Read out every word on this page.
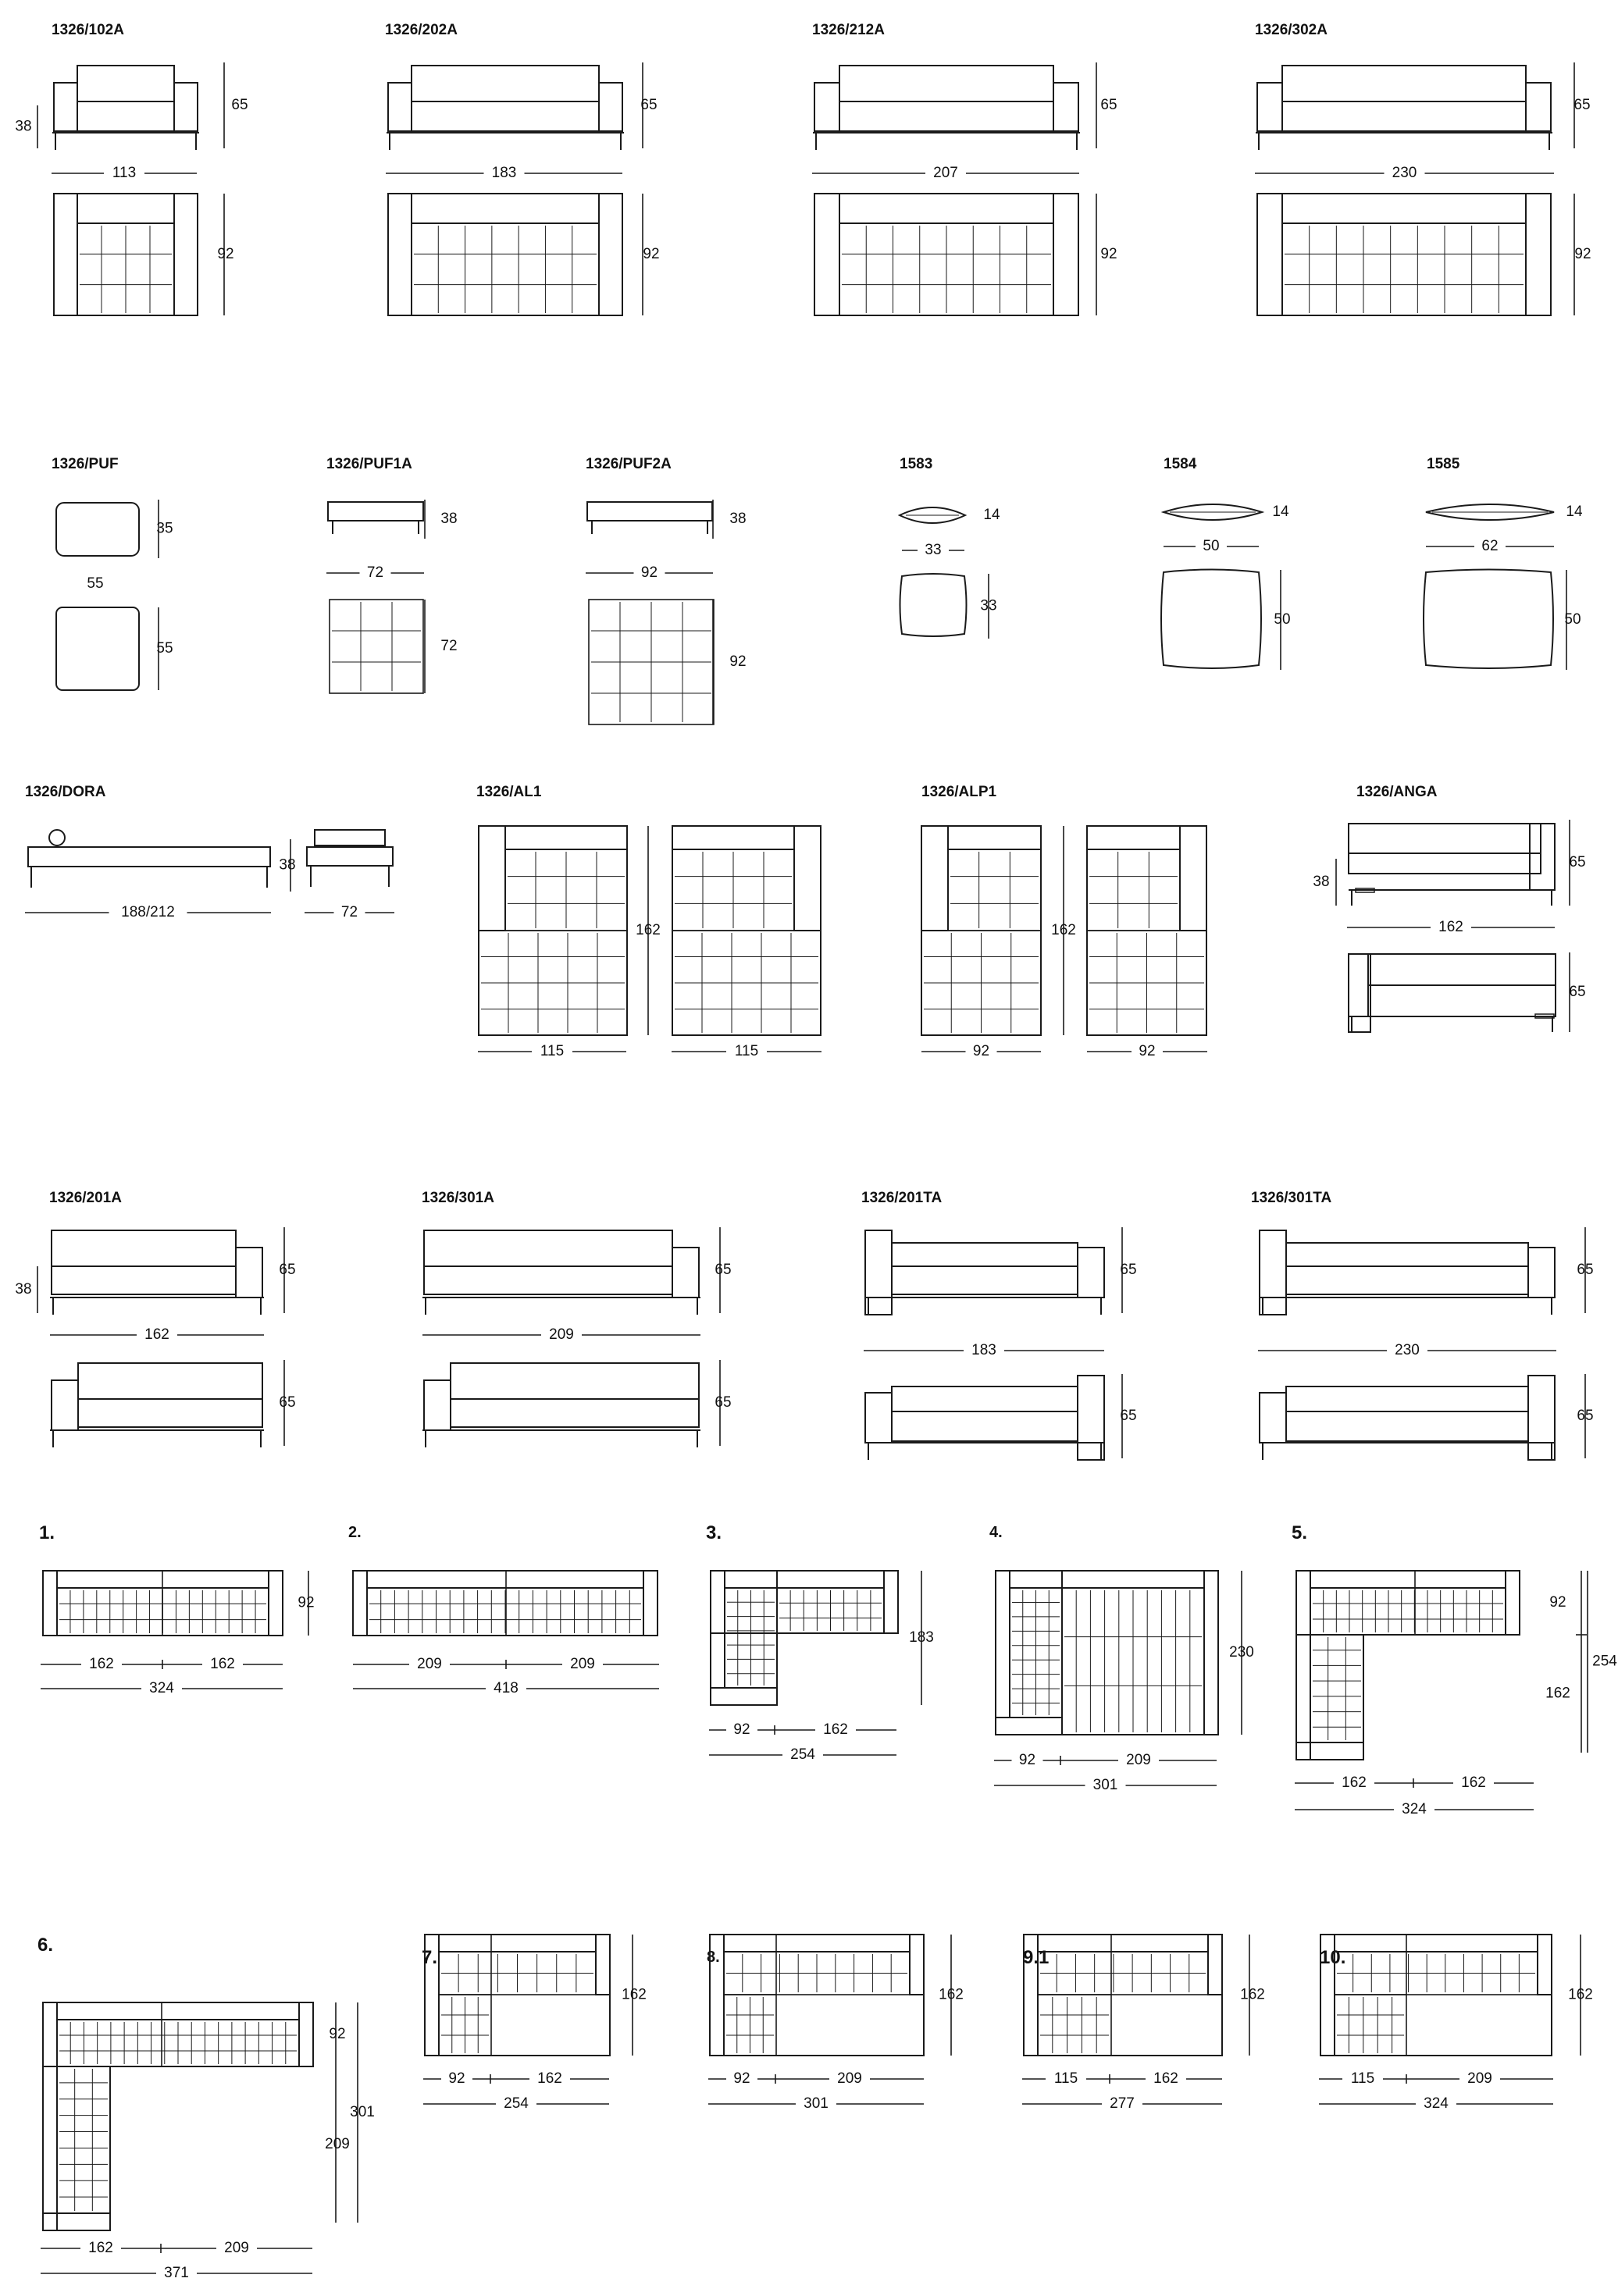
1326/102A	1326/202A	1326/212A	1326/302A
1326/PUF	1326/PUF1A	1326/PUF2A	1583	1584	1585
1326/DORA	1326/AL1	1326/ALP1	1326/ANGA
1326/201A	1326/301A	1326/201TA	1326/301TA
1.	2.	3.	4.	5.
6.
7.	8.	9.1	10.
65
38
113
92
65
183
92
65
207
92
65
230
92
35
55
55
38
72
72
38
92
92
14
33
33
14
50
50
14
62
50
38
188/212	72
162
115	115
162
92	92
65
38
162
65
65
38
162
65
65
209
65
65
183
65
65
230
65
92
162	162
324
209	209
418
183
92	162
254
230
92	209
301
92
162
254
162	162
324
92
209
301
162	209
371
162
92	162
254
162
92	209
301
162
115	162
277
162
115	209
324
